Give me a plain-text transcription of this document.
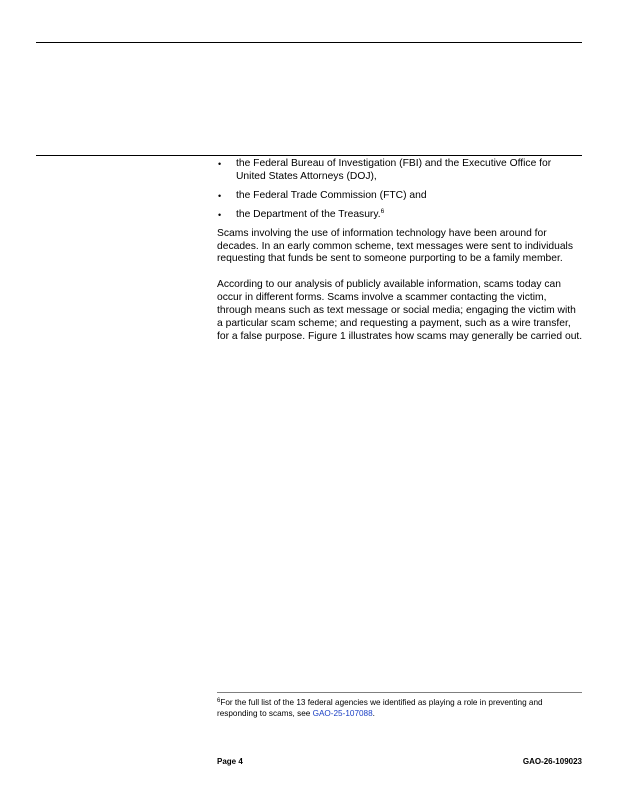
the Federal Bureau of Investigation (FBI) and the Executive Office for United States Attorneys (DOJ),
the Federal Trade Commission (FTC) and
the Department of the Treasury.$^6$

Scams involving the use of information technology have been around for decades. In an early common scheme, text messages were sent to individuals requesting that funds be sent to someone purporting to be a family member.

According to our analysis of publicly available information, scams today can occur in different forms. Scams involve a scammer contacting the victim, through means such as text message or social media; engaging the victim with a particular scam scheme; and requesting a payment, such as a wire transfer, for a false purpose. Figure 1 illustrates how scams may generally be carried out.

$^6$For the full list of the 13 federal agencies we identified as playing a role in preventing and responding to scams, see GAO-25-107088.
Page 4	GAO-26-109023
